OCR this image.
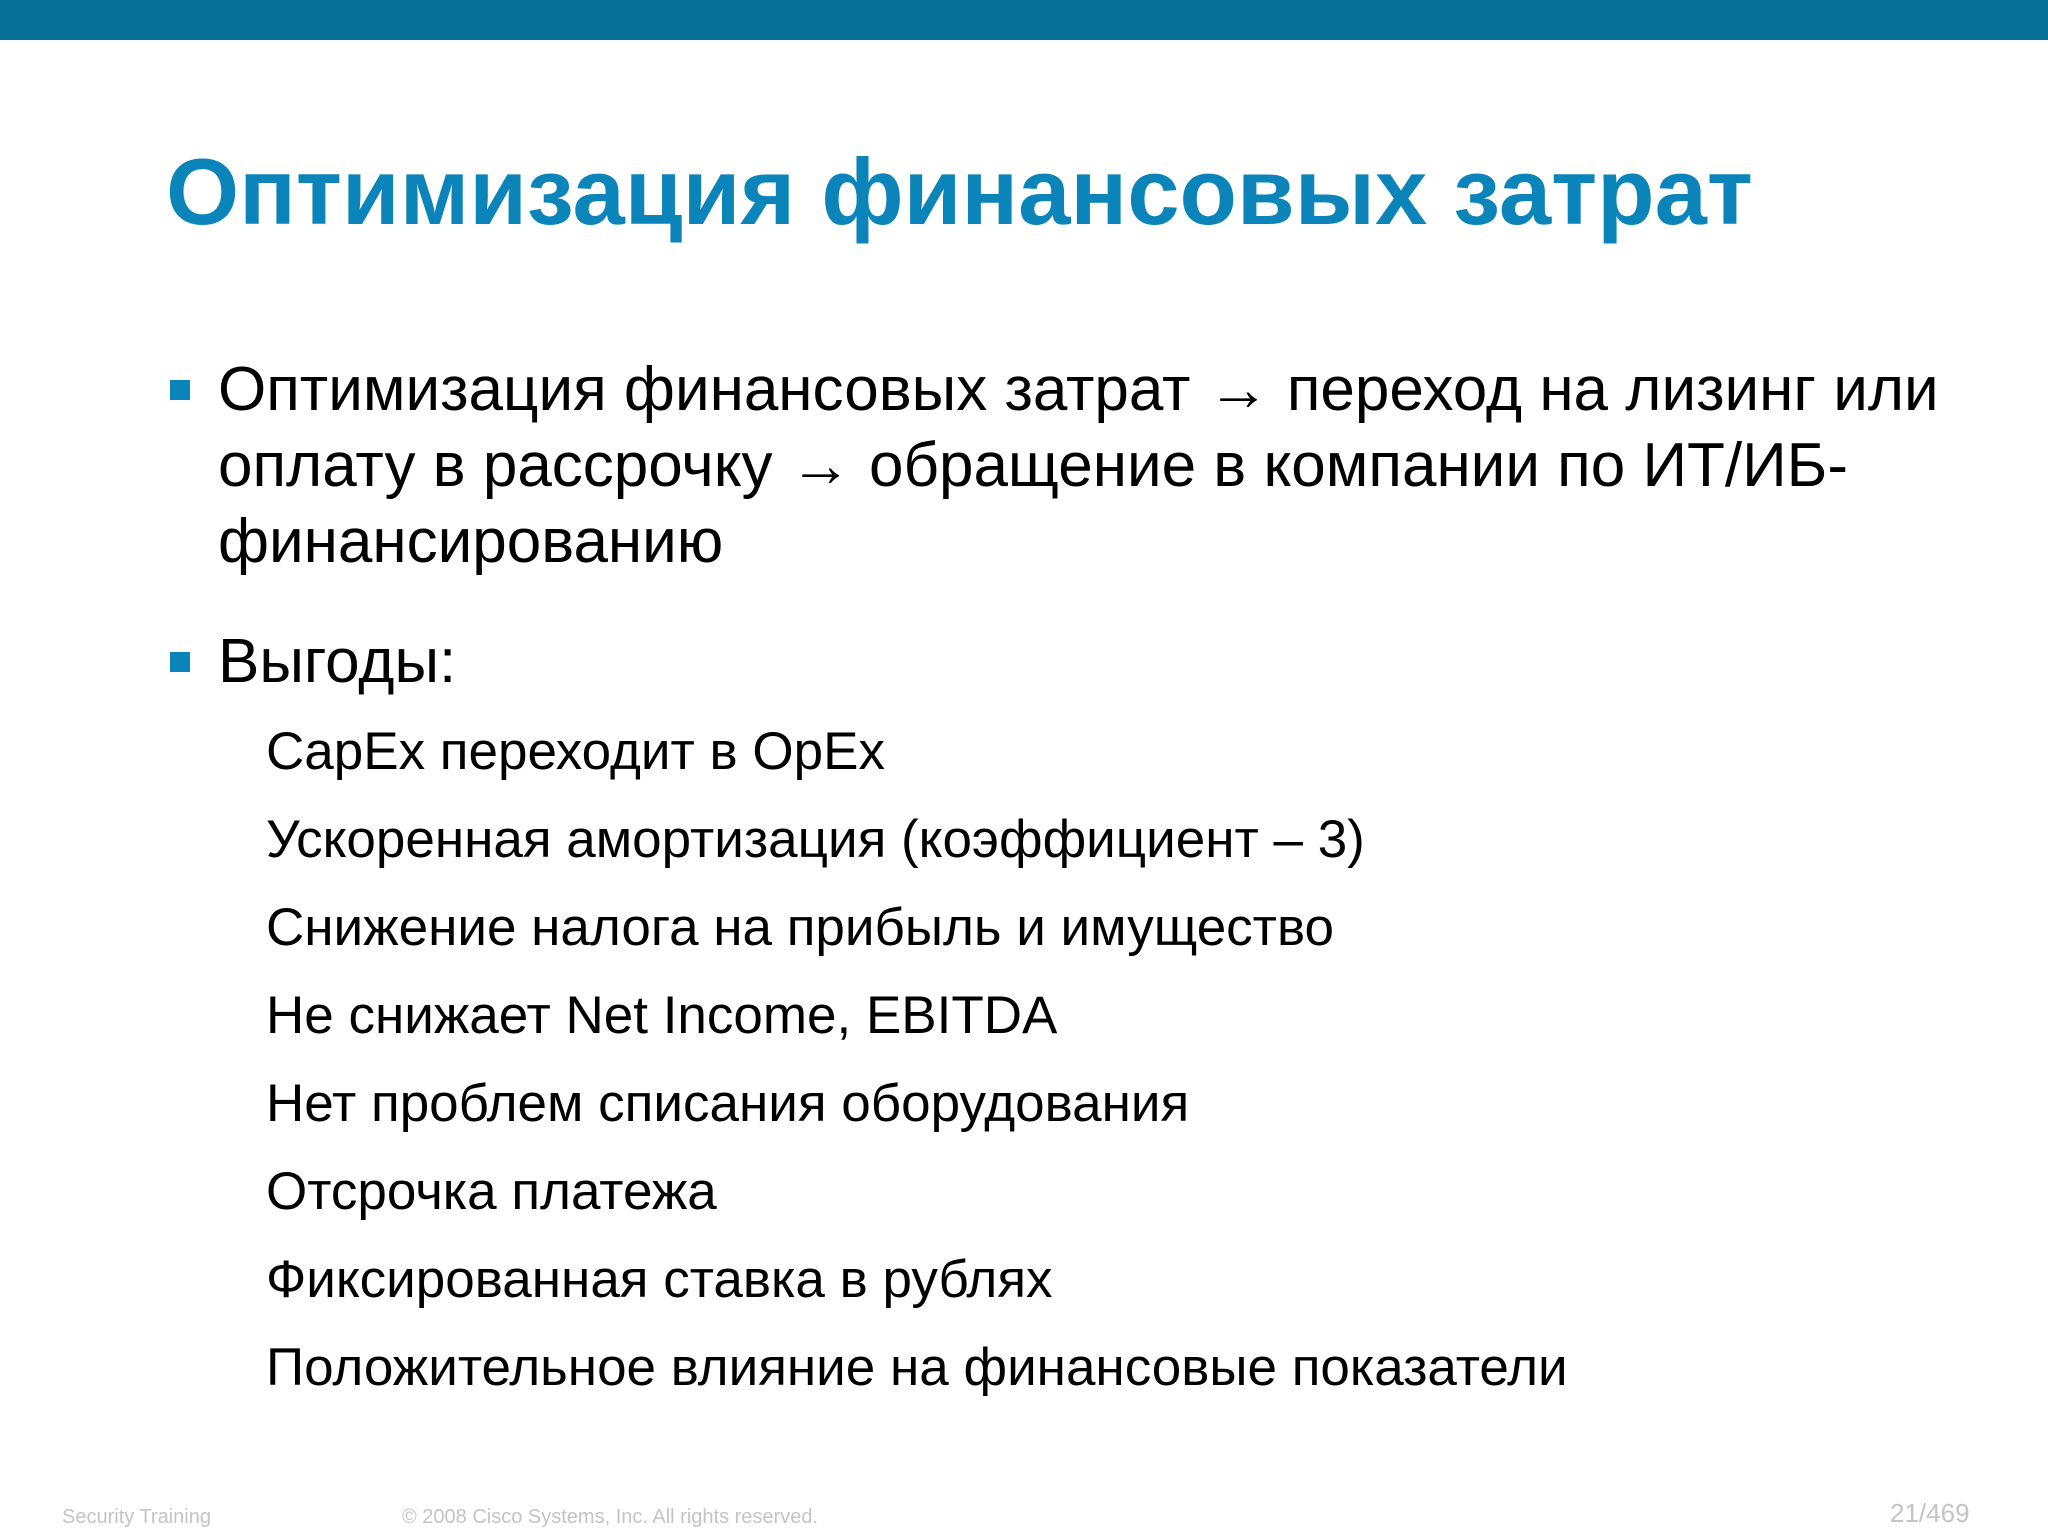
Оптимизация финансовых затрат
Оптимизация финансовых затрат → переход на лизинг или оплату в рассрочку → обращение в компании по ИТ/ИБ-финансированию
Выгоды:
CapEx переходит в OpEx
Ускоренная амортизация (коэффициент – 3)
Снижение налога на прибыль и имущество
Не снижает Net Income, EBITDA
Нет проблем списания оборудования
Отсрочка платежа
Фиксированная ставка в рублях
Положительное влияние на финансовые показатели
Security Training	© 2008 Cisco Systems, Inc. All rights reserved.	21/469
